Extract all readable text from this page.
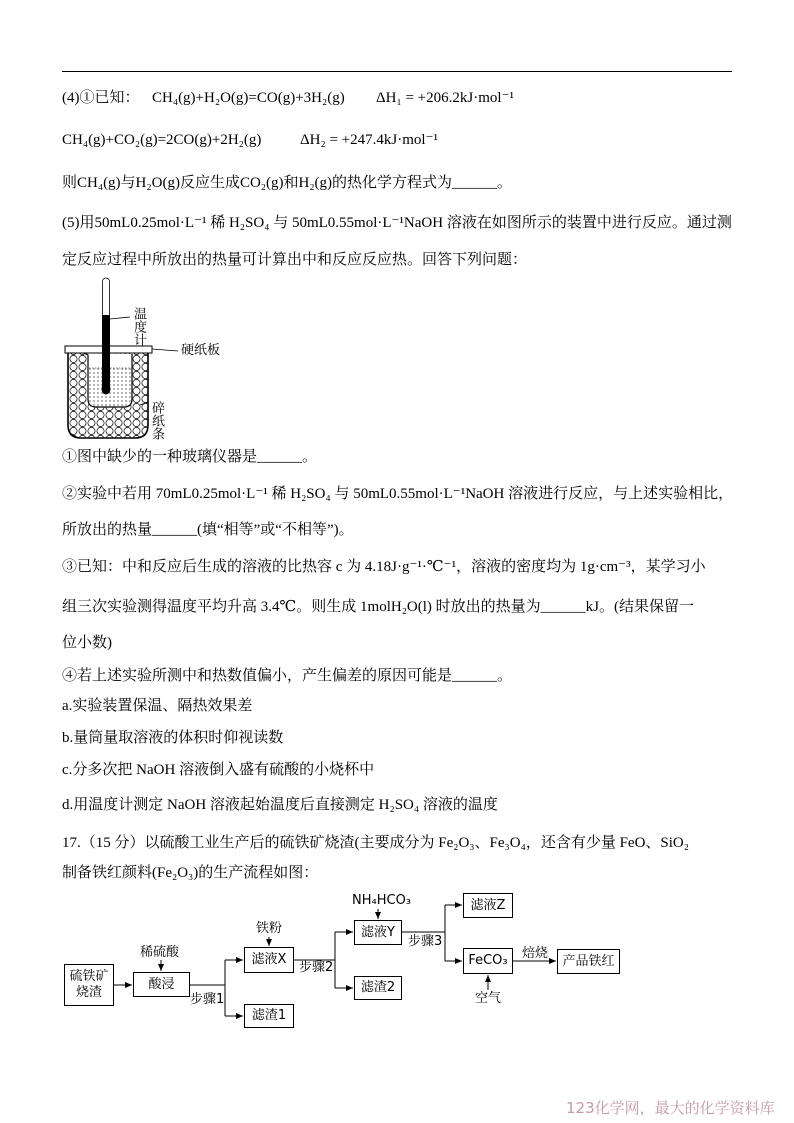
(4)①已知： CH₄(g)+H₂O(g)=CO(g)+3H₂(g) ΔH₁ = +206.2kJ·mol⁻¹
CH₄(g)+CO₂(g)=2CO(g)+2H₂(g)	ΔH₂ = +247.4kJ·mol⁻¹
则CH₄(g)与H₂O(g)反应生成CO₂(g)和H₂(g)的热化学方程式为______。
(5)用50mL0.25mol·L⁻¹ 稀 H₂SO₄ 与 50mL0.55mol·L⁻¹NaOH 溶液在如图所示的装置中进行反应。通过测
定反应过程中所放出的热量可计算出中和反应反应热。回答下列问题：
温度计
硬纸板
碎纸条
①图中缺少的一种玻璃仪器是______。
②实验中若用 70mL0.25mol·L⁻¹ 稀 H₂SO₄ 与 50mL0.55mol·L⁻¹NaOH 溶液进行反应，与上述实验相比，
所放出的热量______(填“相等”或“不相等”)。
③已知：中和反应后生成的溶液的比热容 c 为 4.18J·g⁻¹·℃⁻¹，溶液的密度均为 1g·cm⁻³，某学习小
组三次实验测得温度平均升高 3.4℃。则生成 1molH₂O(l) 时放出的热量为______kJ。(结果保留一
位小数)
④若上述实验所测中和热数值偏小，产生偏差的原因可能是______。
a.实验装置保温、隔热效果差
b.量筒量取溶液的体积时仰视读数
c.分多次把 NaOH 溶液倒入盛有硫酸的小烧杯中
d.用温度计测定 NaOH 溶液起始温度后直接测定 H₂SO₄ 溶液的温度
17.（15 分）以硫酸工业生产后的硫铁矿烧渣(主要成分为 Fe₂O₃、Fe₃O₄，还含有少量 FeO、SiO₂
制备铁红颜料(Fe₂O₃)的生产流程如图：
硫铁矿烧渣
酸浸
滤液X
滤渣1
滤液Y
滤渣2
滤液Z
FeCO₃	产品铁红
稀硫酸
铁粉
NH₄HCO₃
空气
步骤1
步骤2
步骤3
焙烧
123化学网，最大的化学资料库
